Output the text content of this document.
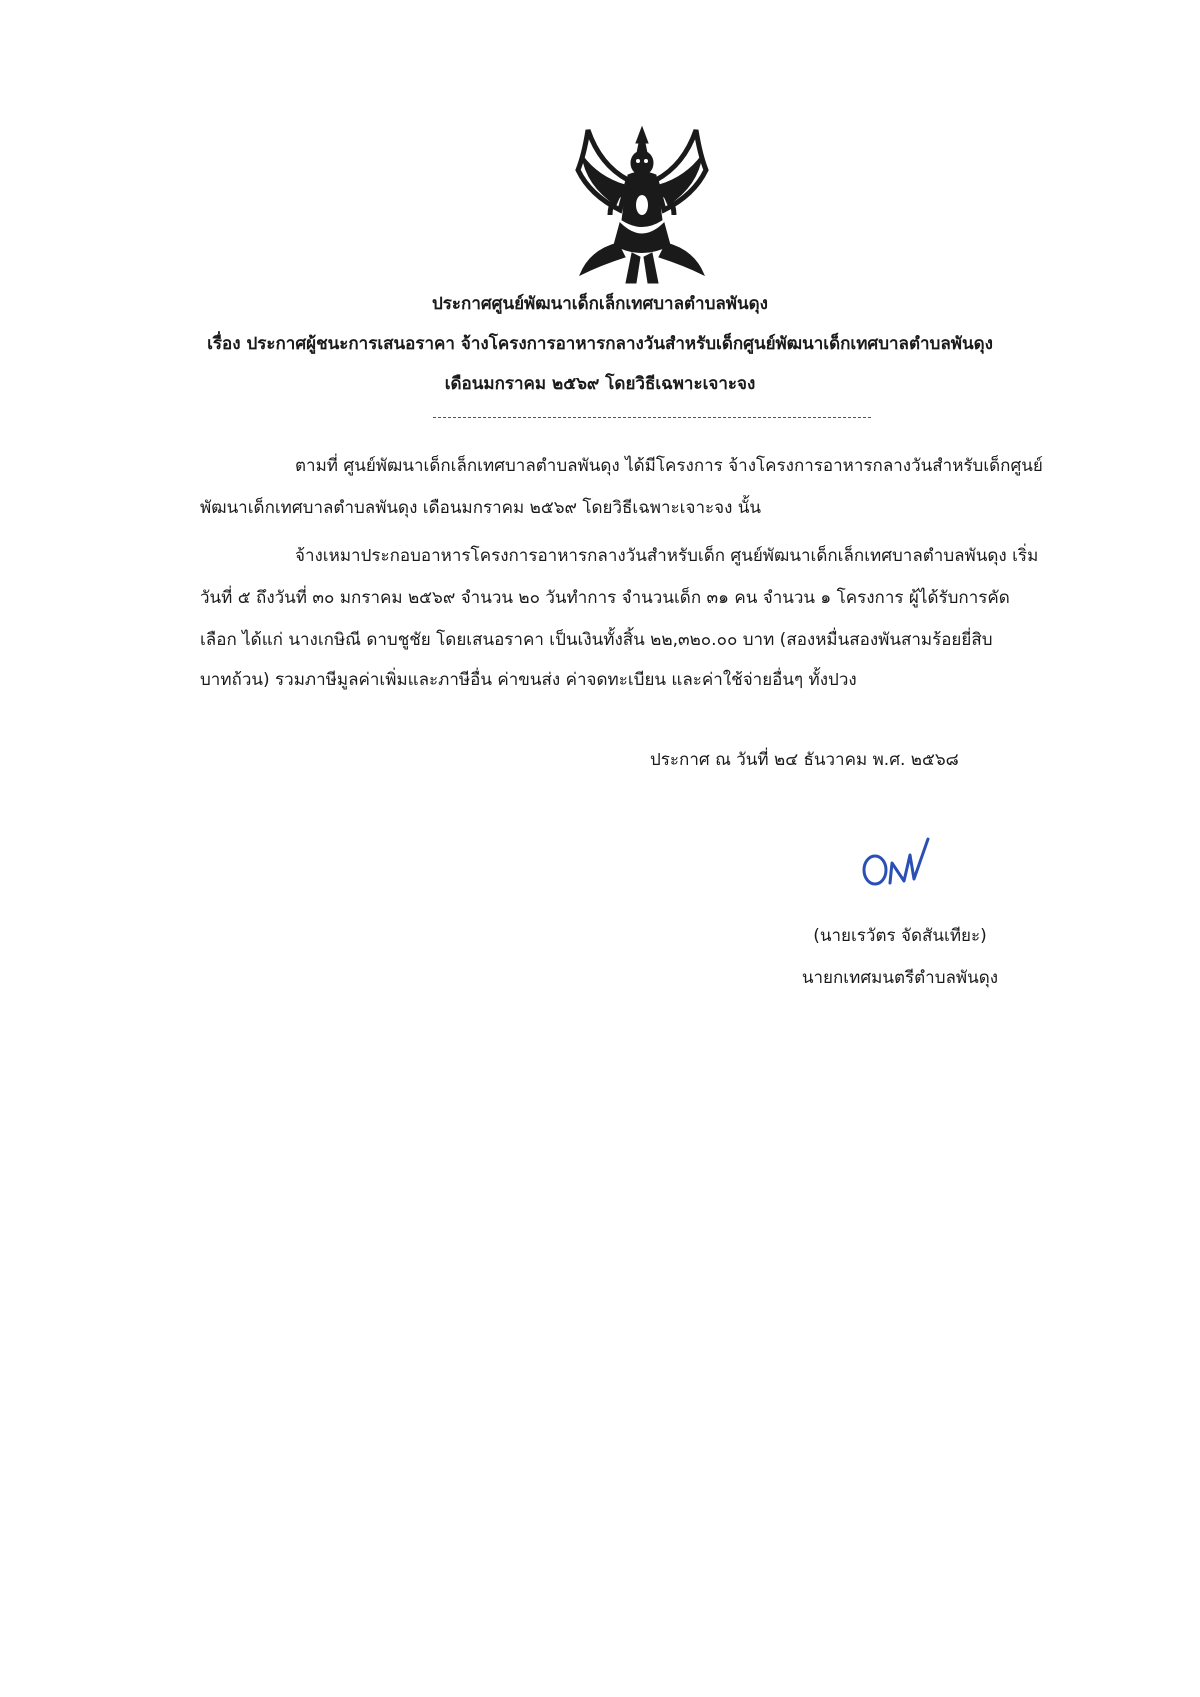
ประกาศศูนย์พัฒนาเด็กเล็กเทศบาลตำบลพันดุง
เรื่อง ประกาศผู้ชนะการเสนอราคา จ้างโครงการอาหารกลางวันสำหรับเด็กศูนย์พัฒนาเด็กเทศบาลตำบลพันดุง
เดือนมกราคม ๒๕๖๙ โดยวิธีเฉพาะเจาะจง
ตามที่ ศูนย์พัฒนาเด็กเล็กเทศบาลตำบลพันดุง ได้มีโครงการ จ้างโครงการอาหารกลางวันสำหรับเด็กศูนย์
พัฒนาเด็กเทศบาลตำบลพันดุง เดือนมกราคม ๒๕๖๙ โดยวิธีเฉพาะเจาะจง นั้น
จ้างเหมาประกอบอาหารโครงการอาหารกลางวันสำหรับเด็ก ศูนย์พัฒนาเด็กเล็กเทศบาลตำบลพันดุง เริ่ม
วันที่ ๕ ถึงวันที่ ๓๐ มกราคม ๒๕๖๙ จำนวน ๒๐ วันทำการ จำนวนเด็ก ๓๑ คน จำนวน ๑ โครงการ ผู้ได้รับการคัด
เลือก ได้แก่ นางเกษิณี ดาบชูชัย โดยเสนอราคา เป็นเงินทั้งสิ้น ๒๒,๓๒๐.๐๐ บาท (สองหมื่นสองพันสามร้อยยี่สิบ
บาทถ้วน) รวมภาษีมูลค่าเพิ่มและภาษีอื่น ค่าขนส่ง ค่าจดทะเบียน และค่าใช้จ่ายอื่นๆ ทั้งปวง
ประกาศ ณ วันที่ ๒๔ ธันวาคม พ.ศ. ๒๕๖๘
(นายเรวัตร จัดสันเทียะ)
นายกเทศมนตรีตำบลพันดุง
